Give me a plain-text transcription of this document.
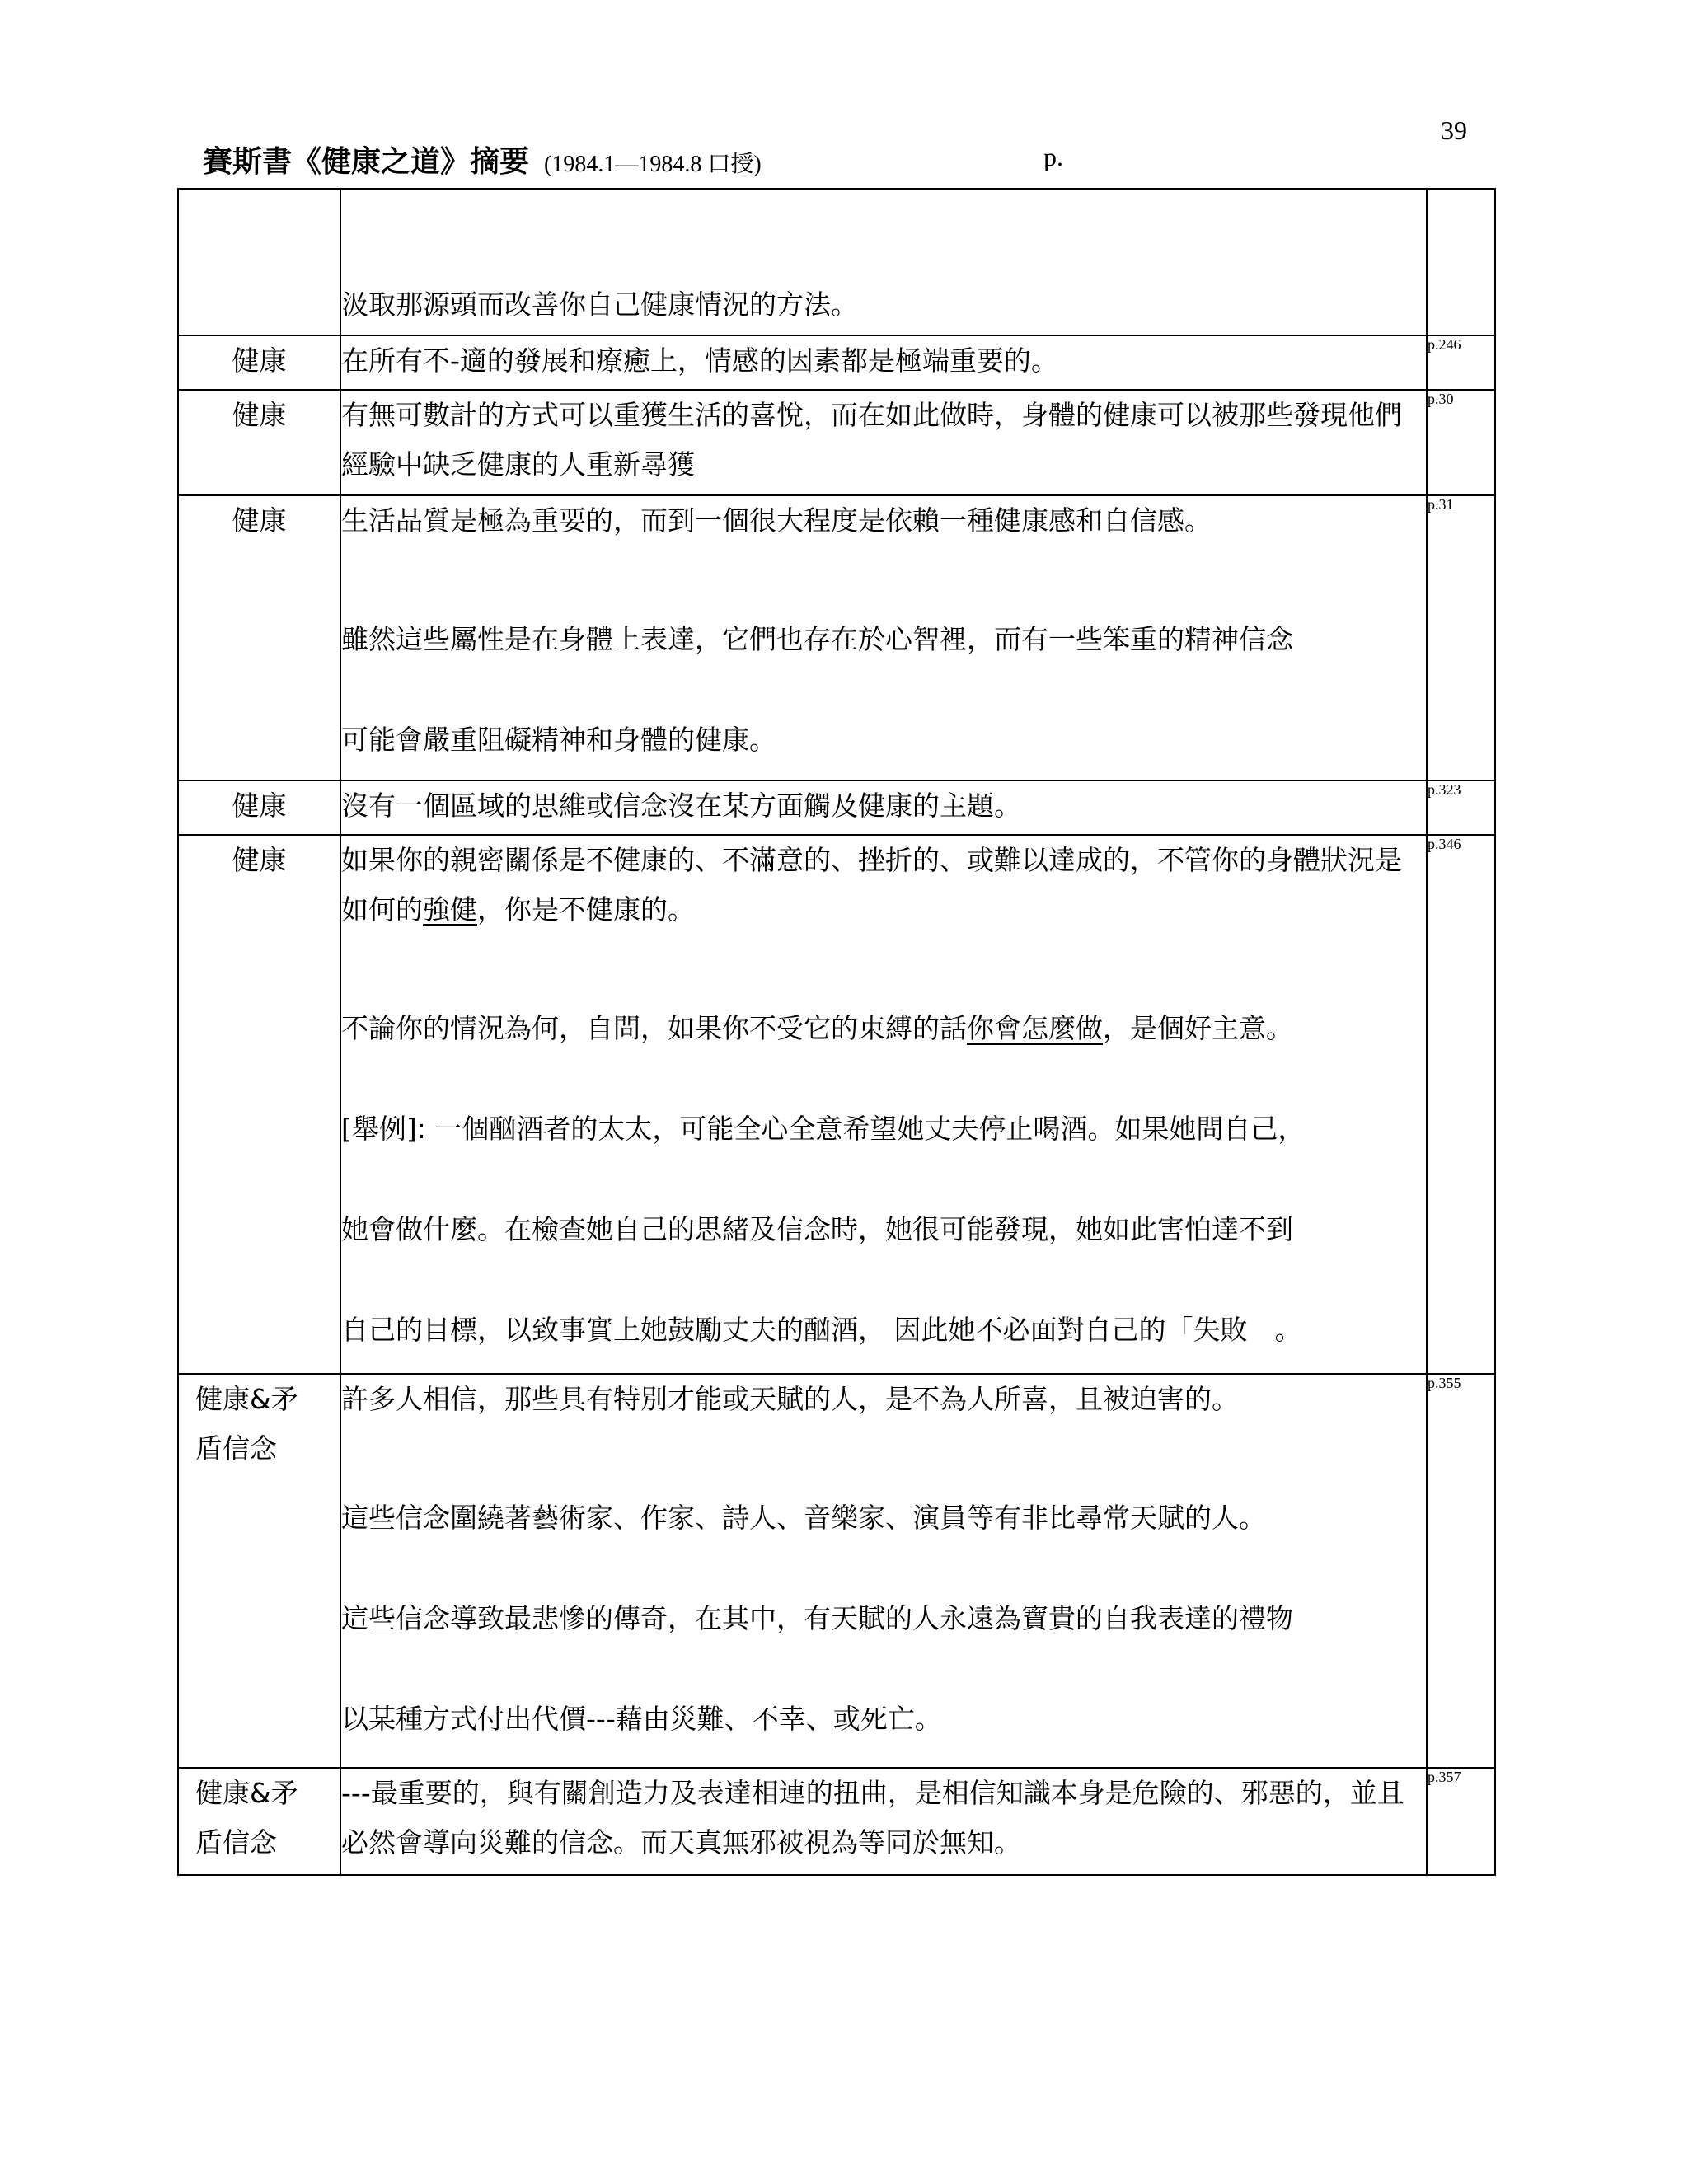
39
賽斯書《健康之道》摘要 (1984.1—1984.8 口授)	p.

	汲取那源頭而改善你自己健康情況的方法。	

健康	在所有不-適的發展和療癒上，情感的因素都是極端重要的。	p.246
健康	有無可數計的方式可以重獲生活的喜悅，而在如此做時，身體的健康可以被那些發現他們經驗中缺乏健康的人重新尋獲	p.30
健康	生活品質是極為重要的，而到一個很大程度是依賴一種健康感和自信感。

雖然這些屬性是在身體上表達，它們也存在於心智裡，而有一些笨重的精神信念

可能會嚴重阻礙精神和身體的健康。	p.31
健康	沒有一個區域的思維或信念沒在某方面觸及健康的主題。	p.323
健康	如果你的親密關係是不健康的、不滿意的、挫折的、或難以達成的，不管你的身體狀況是如何的強健，你是不健康的。

不論你的情況為何，自問，如果你不受它的束縛的話你會怎麼做，是個好主意。

[舉例]: 一個酗酒者的太太，可能全心全意希望她丈夫停止喝酒。如果她問自己，

她會做什麼。在檢查她自己的思緒及信念時，她很可能發現，她如此害怕達不到

自己的目標，以致事實上她鼓勵丈夫的酗酒， 因此她不必面對自己的「失敗　。	p.346
健康&矛盾信念	許多人相信，那些具有特別才能或天賦的人，是不為人所喜，且被迫害的。

這些信念圍繞著藝術家、作家、詩人、音樂家、演員等有非比尋常天賦的人。

這些信念導致最悲慘的傳奇，在其中，有天賦的人永遠為寶貴的自我表達的禮物

以某種方式付出代價---藉由災難、不幸、或死亡。	p.355
健康&矛盾信念	---最重要的，與有關創造力及表達相連的扭曲，是相信知識本身是危險的、邪惡的，並且必然會導向災難的信念。而天真無邪被視為等同於無知。	p.357
